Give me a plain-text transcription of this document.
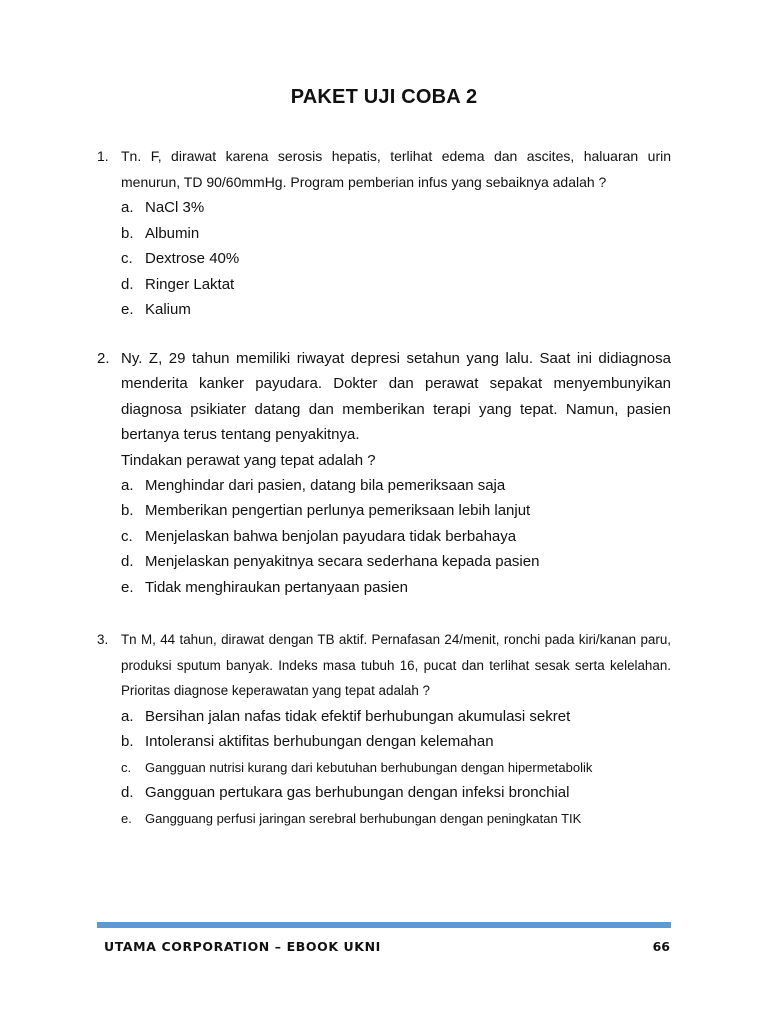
PAKET UJI COBA 2
1. Tn. F, dirawat karena serosis hepatis, terlihat edema dan ascites, haluaran urin menurun, TD 90/60mmHg. Program pemberian infus yang sebaiknya adalah ?

a. NaCl 3%
b. Albumin
c. Dextrose 40%
d. Ringer Laktat
e. Kalium
2. Ny. Z, 29 tahun memiliki riwayat depresi setahun yang lalu. Saat ini didiagnosa menderita kanker payudara. Dokter dan perawat sepakat menyembunyikan diagnosa psikiater datang dan memberikan terapi yang tepat. Namun, pasien bertanya terus tentang penyakitnya.

Tindakan perawat yang tepat adalah ?

a. Menghindar dari pasien, datang bila pemeriksaan saja
b. Memberikan pengertian perlunya pemeriksaan lebih lanjut
c. Menjelaskan bahwa benjolan payudara tidak berbahaya
d. Menjelaskan penyakitnya secara sederhana kepada pasien
e. Tidak menghiraukan pertanyaan pasien
3. Tn M, 44 tahun, dirawat dengan TB aktif. Pernafasan 24/menit, ronchi pada kiri/kanan paru, produksi sputum banyak. Indeks masa tubuh 16, pucat dan terlihat sesak serta kelelahan. Prioritas diagnose keperawatan yang tepat adalah ?

a. Bersihan jalan nafas tidak efektif berhubungan akumulasi sekret
b. Intoleransi aktifitas berhubungan dengan kelemahan
c. Gangguan nutrisi kurang dari kebutuhan berhubungan dengan hipermetabolik
d. Gangguan pertukara gas berhubungan dengan infeksi bronchial
e. Gangguang perfusi jaringan serebral berhubungan dengan peningkatan TIK
UTAMA CORPORATION – EBOOK UKNI	66
